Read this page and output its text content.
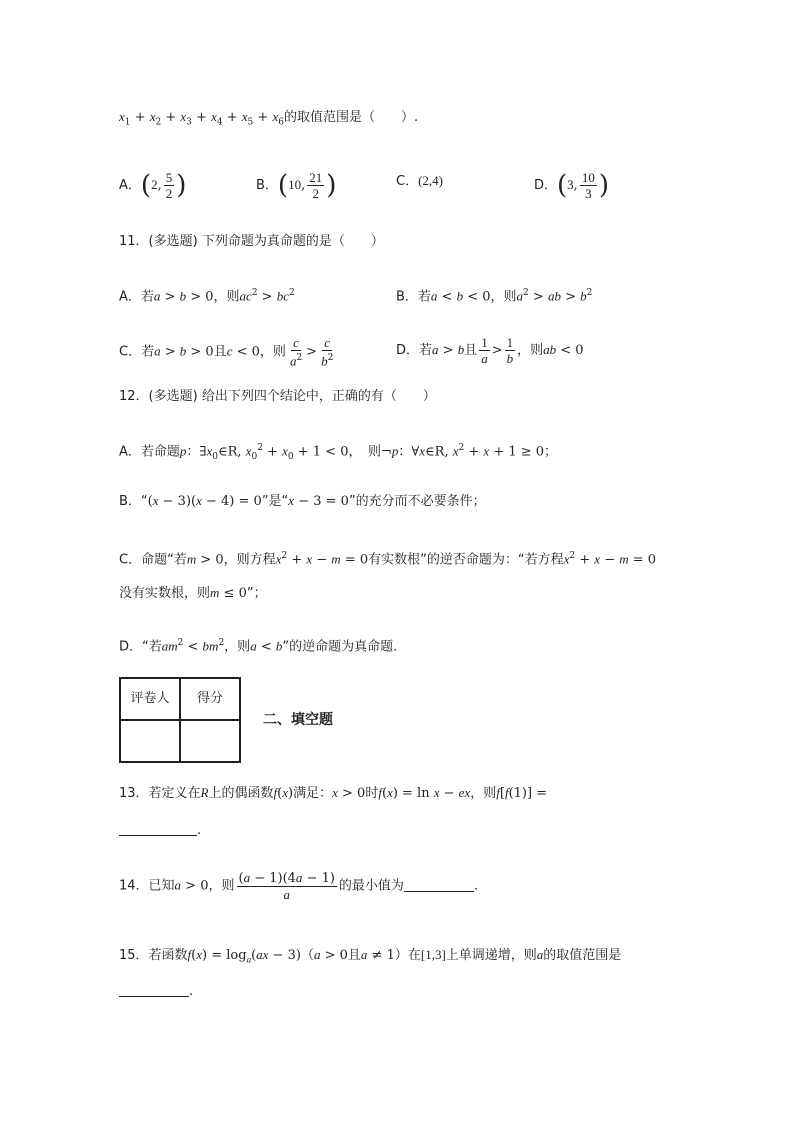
$x_1 + x_2 + x_3 + x_4 + x_5 + x_6$的取值范围是（　　）.
A．(2, $\frac{5}{2}$ )	B．(10, $\frac{21}{2}$ )	C．(2,4)	D．(3, $\frac{10}{3}$ )
11．(多选题) 下列命题为真命题的是（　　）
A．若a > b > 0，则$ac^2 > bc^2$	B．若a < b < 0，则$a^2$ > ab > $b^2$
C．若a > b > 0且c < 0，则 $\frac{c}{a^2} > \frac{c}{b^2}$	D．若a > b且 $\frac{1}{a} > \frac{1}{b}$ ，则ab < 0
12．(多选题) 给出下列四个结论中，正确的有（　　）
A．若命题p：$\exists x_0\in R$, $x_0^2 + x_0 + 1 < 0$，　则¬p：∀x∈R, $x^2 + x + 1 \ge 0$；
B．“(x − 3)(x − 4) = 0”是“x − 3 = 0”的充分而不必要条件；
C．命题“若m > 0，则方程$x^2 + x - m = 0$有实数根”的逆否命题为：“若方程$x^2 + x - m = 0$
没有实数根，则m ≤ 0”；
D．“若$am^2 < bm^2$，则a < b”的逆命题为真命题.
评卷人	得分

二、填空题
13．若定义在R上的偶函数f(x)满足：x > 0时f(x) = ln x − ex，则f[f(1)] =
.
14．已知a > 0，则 $\frac{(a - 1)(4a - 1)}{a}$ 的最小值为	.
15．若函数$f(x) = \log_a(ax - 3)(a > 0$且a ≠ 1）在[1,3]上单调递增，则a的取值范围是
.
